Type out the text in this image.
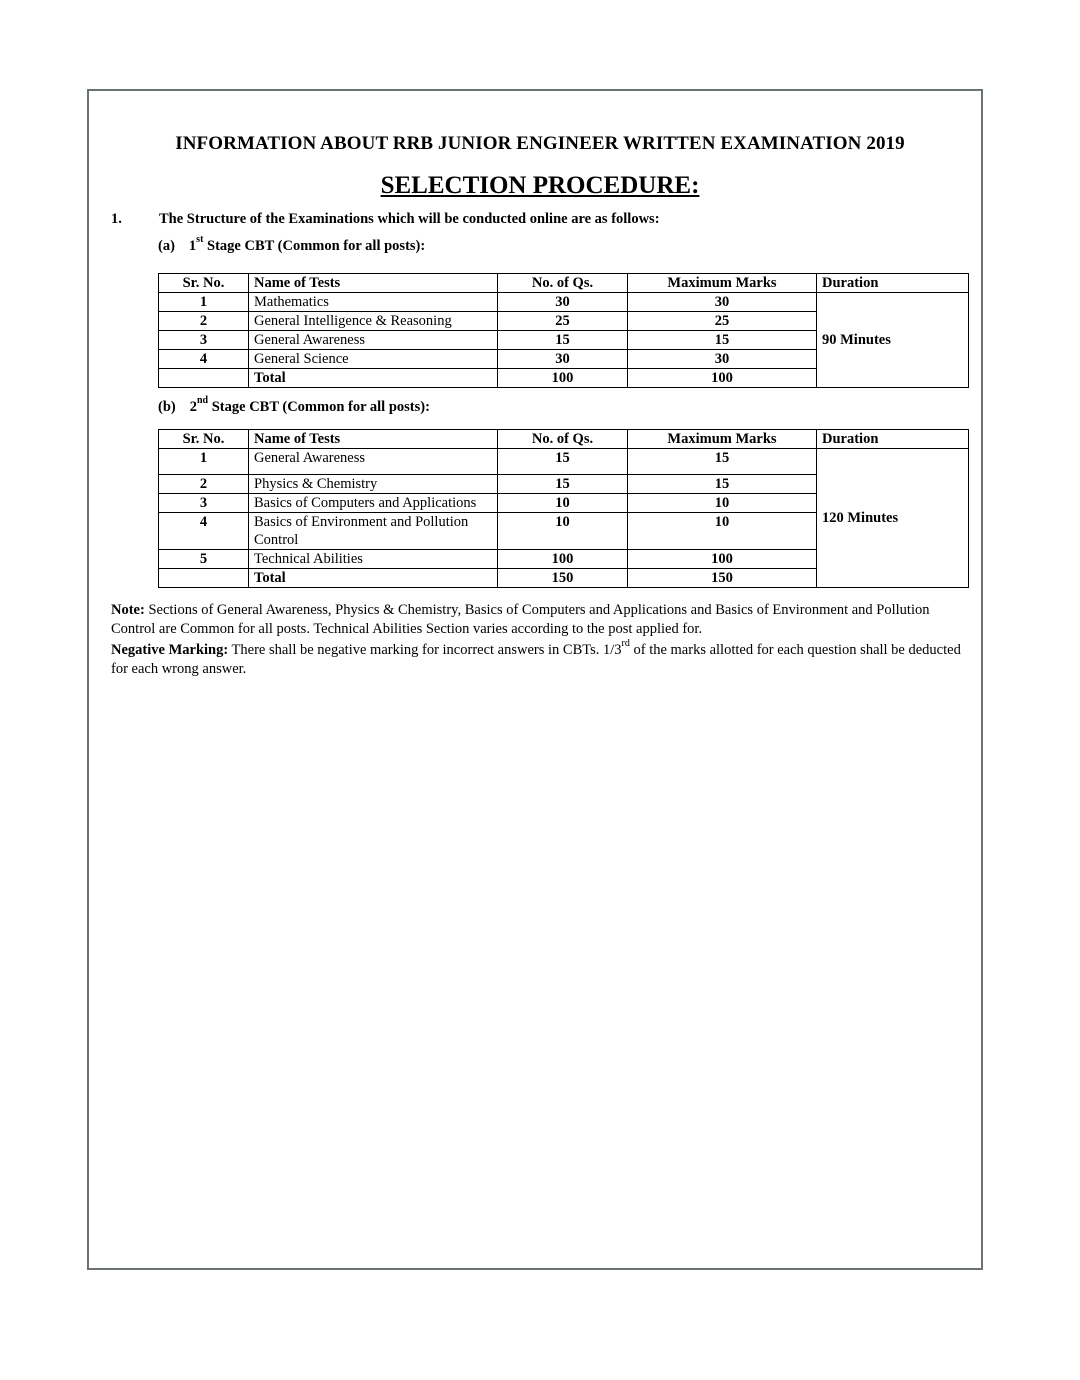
INFORMATION ABOUT RRB JUNIOR ENGINEER WRITTEN EXAMINATION 2019
SELECTION PROCEDURE:
1.	The Structure of the Examinations which will be conducted online are as follows:
(a) 1st Stage CBT (Common for all posts):
Sr. No.	Name of Tests	No. of Qs.	Maximum Marks	Duration
1	Mathematics	30	30	90 Minutes
2	General Intelligence & Reasoning	25	25	
3	General Awareness	15	15	
4	General Science	30	30	
	Total	100	100	
(b) 2nd Stage CBT (Common for all posts):
Sr. No.	Name of Tests	No. of Qs.	Maximum Marks	Duration
1	General Awareness	15	15	120 Minutes
2	Physics & Chemistry	15	15	
3	Basics of Computers and Applications	10	10	
4	Basics of Environment and Pollution Control	10	10	
5	Technical Abilities	100	100	
	Total	150	150	

Note: Sections of General Awareness, Physics & Chemistry, Basics of Computers and Applications and Basics of Environment and Pollution Control are Common for all posts. Technical Abilities Section varies according to the post applied for.

Negative Marking: There shall be negative marking for incorrect answers in CBTs. 1/3rd of the marks allotted for each question shall be deducted for each wrong answer.
